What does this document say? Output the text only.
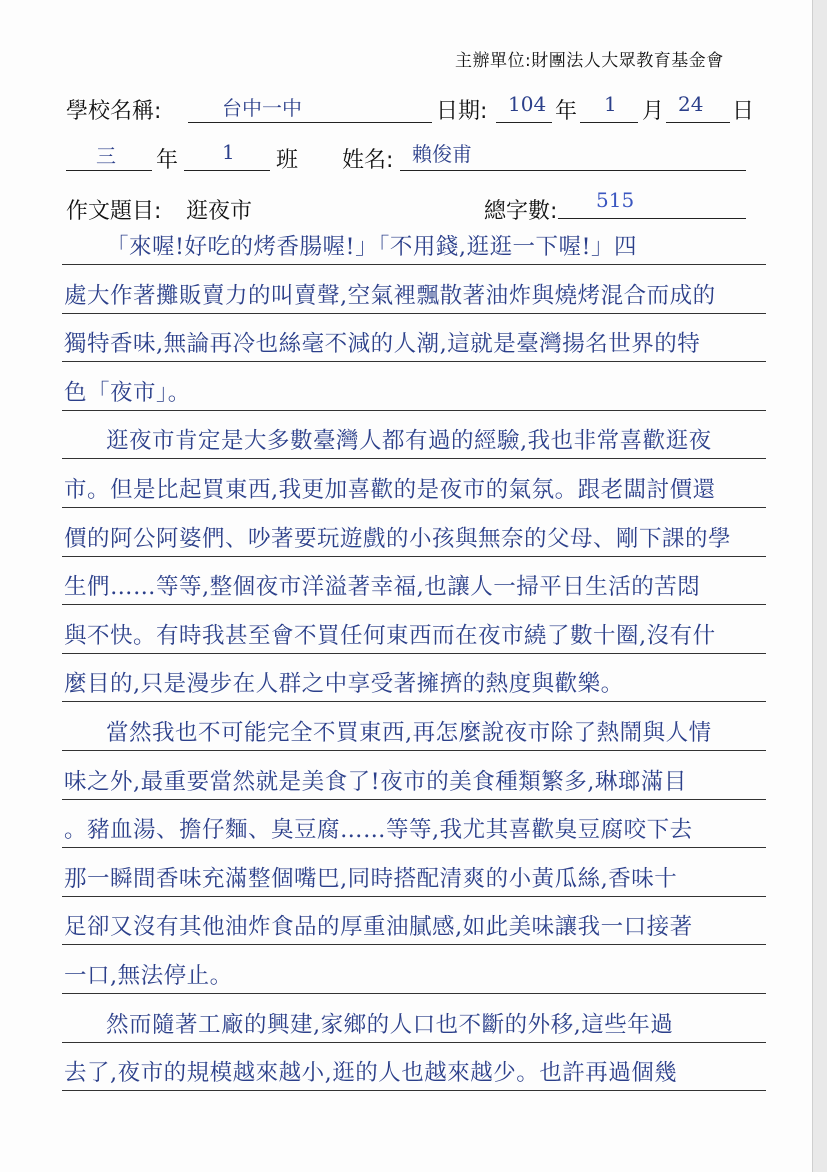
主辦單位:財團法人大眾教育基金會
學校名稱:	台中一中	日期: 104 年 1 月 24 日
三 年 1 班 姓名: 賴俊甫
作文題目: 逛夜市	總字數: 515
「來喔!好吃的烤香腸喔!」「不用錢,逛逛一下喔!」四
處大作著攤販賣力的叫賣聲,空氣裡飄散著油炸與燒烤混合而成的
獨特香味,無論再冷也絲毫不減的人潮,這就是臺灣揚名世界的特
色「夜市」。
逛夜市肯定是大多數臺灣人都有過的經驗,我也非常喜歡逛夜
市。但是比起買東西,我更加喜歡的是夜市的氣氛。跟老闆討價還
價的阿公阿婆們、吵著要玩遊戲的小孩與無奈的父母、剛下課的學
生們……等等,整個夜市洋溢著幸福,也讓人一掃平日生活的苦悶
與不快。有時我甚至會不買任何東西而在夜市繞了數十圈,沒有什
麼目的,只是漫步在人群之中享受著擁擠的熱度與歡樂。
當然我也不可能完全不買東西,再怎麼說夜市除了熱鬧與人情
味之外,最重要當然就是美食了!夜市的美食種類繁多,琳瑯滿目
。豬血湯、擔仔麵、臭豆腐……等等,我尤其喜歡臭豆腐咬下去
那一瞬間香味充滿整個嘴巴,同時搭配清爽的小黃瓜絲,香味十
足卻又沒有其他油炸食品的厚重油膩感,如此美味讓我一口接著
一口,無法停止。
然而隨著工廠的興建,家鄉的人口也不斷的外移,這些年過
去了,夜市的規模越來越小,逛的人也越來越少。也許再過個幾
